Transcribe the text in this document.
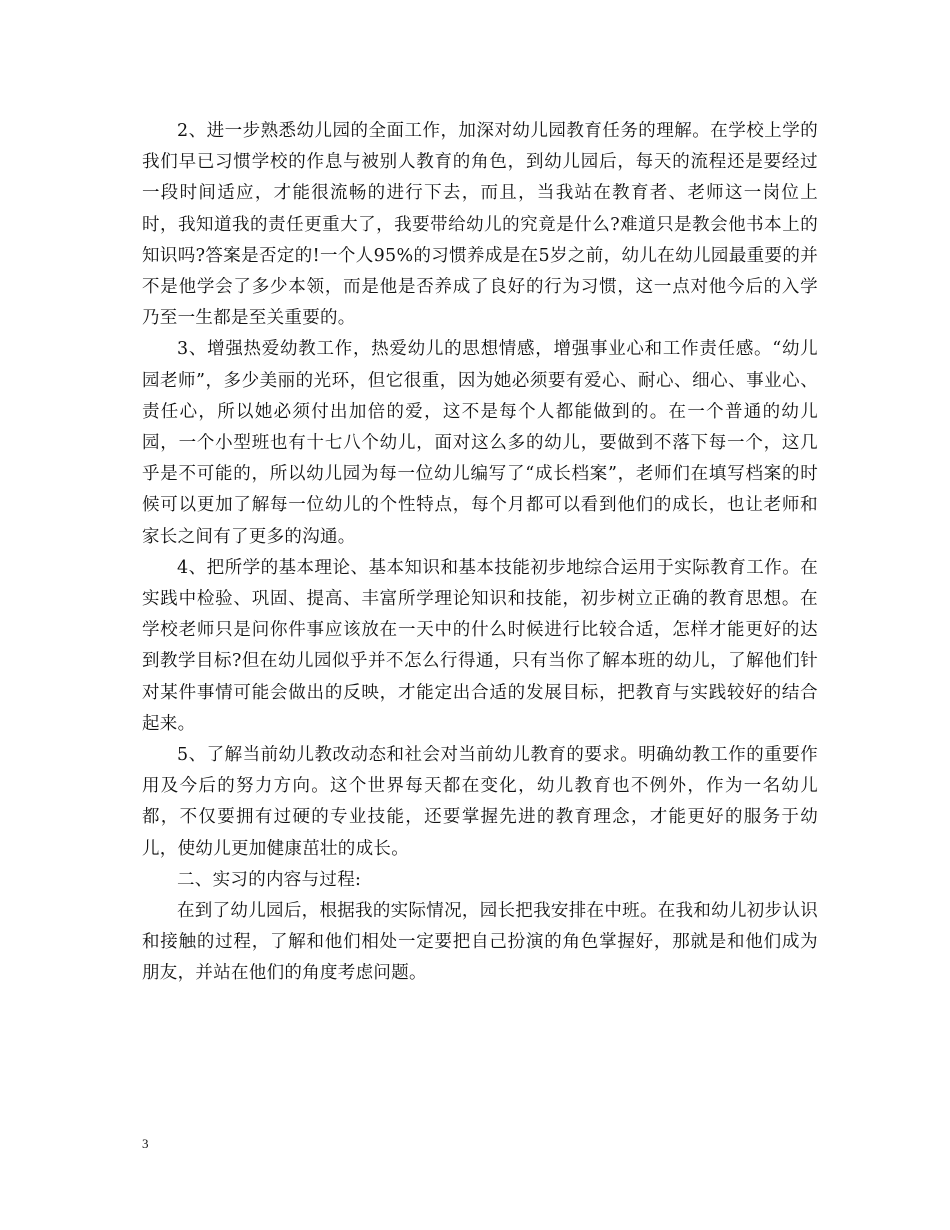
2、进一步熟悉幼儿园的全面工作，加深对幼儿园教育任务的理解。在学校上学的我们早已习惯学校的作息与被别人教育的角色，到幼儿园后，每天的流程还是要经过一段时间适应，才能很流畅的进行下去，而且，当我站在教育者、老师这一岗位上时，我知道我的责任更重大了，我要带给幼儿的究竟是什么?难道只是教会他书本上的知识吗?答案是否定的!一个人95%的习惯养成是在5岁之前，幼儿在幼儿园最重要的并不是他学会了多少本领，而是他是否养成了良好的行为习惯，这一点对他今后的入学乃至一生都是至关重要的。

3、增强热爱幼教工作，热爱幼儿的思想情感，增强事业心和工作责任感。“幼儿园老师”，多少美丽的光环，但它很重，因为她必须要有爱心、耐心、细心、事业心、责任心，所以她必须付出加倍的爱，这不是每个人都能做到的。在一个普通的幼儿园，一个小型班也有十七八个幼儿，面对这么多的幼儿，要做到不落下每一个，这几乎是不可能的，所以幼儿园为每一位幼儿编写了“成长档案”，老师们在填写档案的时候可以更加了解每一位幼儿的个性特点，每个月都可以看到他们的成长，也让老师和家长之间有了更多的沟通。

4、把所学的基本理论、基本知识和基本技能初步地综合运用于实际教育工作。在实践中检验、巩固、提高、丰富所学理论知识和技能，初步树立正确的教育思想。在学校老师只是问你件事应该放在一天中的什么时候进行比较合适，怎样才能更好的达到教学目标?但在幼儿园似乎并不怎么行得通，只有当你了解本班的幼儿，了解他们针对某件事情可能会做出的反映，才能定出合适的发展目标，把教育与实践较好的结合起来。

5、了解当前幼儿教改动态和社会对当前幼儿教育的要求。明确幼教工作的重要作用及今后的努力方向。这个世界每天都在变化，幼儿教育也不例外，作为一名幼儿都，不仅要拥有过硬的专业技能，还要掌握先进的教育理念，才能更好的服务于幼儿，使幼儿更加健康茁壮的成长。

二、实习的内容与过程:

在到了幼儿园后，根据我的实际情况，园长把我安排在中班。在我和幼儿初步认识和接触的过程，了解和他们相处一定要把自己扮演的角色掌握好，那就是和他们成为朋友，并站在他们的角度考虑问题。

3
